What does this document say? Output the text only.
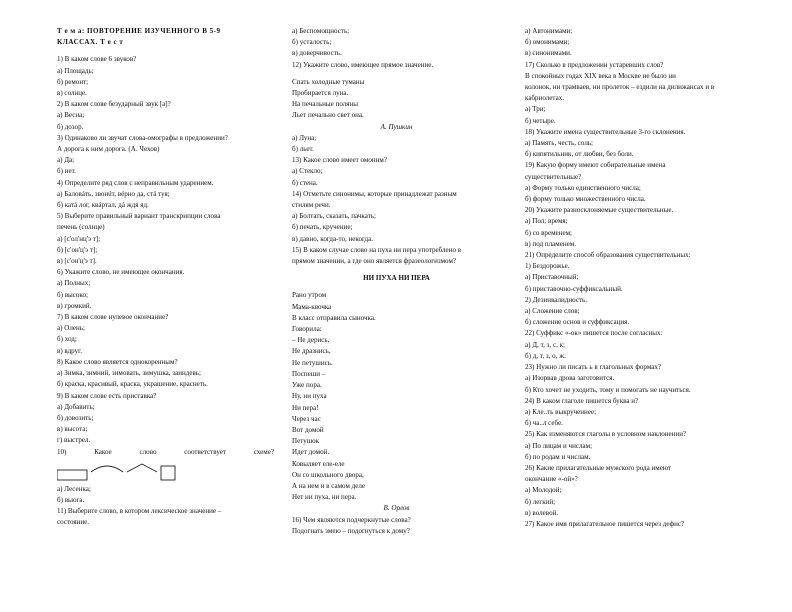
Т е м а: ПОВТОРЕНИЕ ИЗУЧЕННОГО В 5-9
КЛАССАХ. Т е с т
1) В каком слове 6 звуков?
а) Площадь;
б) ремонт;
в) солнце.
2) В каком слове безударный звук [а]?
а) Весна;
б) дозор.
3) Одинаково ли звучат слова-омографы в предложении?
А дорога к ним дорога. (А. Чехов)
а) Да;
б) нет.
4) Определите ряд слов с неправильным ударением.
а) Баловáть, звонúт, вéрно да, стá туя;
б) катá лог, квáртал, дá ждя яд.
5) Выберите правильный вариант транскрипции слова
печень (солнце)
а) [с'ол'нц'э т];
б) [с'он'ц'э т];
в) [с'он'ц'э т].
6) Укажите слово, не имеющее окончания.
а) Полных;
б) высоко;
в) громкий.
7) В каком слове нулевое окончание?
а) Олень;
б) ход;
в) вдруг.
8) Какое слово является однокоренным?
а) Зимка, зимний, зимовать, зимушка, заиндевь;
б) краска, красивый, краска, украшение, краснеть.
9) В каком слове есть приставка?
а) Добавить;
б) довозить;
в) высота;
г) выстрел.
10) Какое слово соответствует схеме?
а) Лесенка;
б) вьюга.
11) Выберите слово, в котором лексическое значение –
состояние.
а) Беспомощность;
б) усталость;
в) доверчивость.
12) Укажите слово, имеющее прямое значение.
Спать холодные туманы
Пробирается луна.
На печальные поляны
Льет печально свет она.
А. Пушкин
а) Луна;
б) льет.
13) Какое слово имеет омоним?
а) Стекло;
б) стена.
14) Отметьте синонимы, которые принадлежат разным
стилям речи.
а) Болтать, сказать, пачкать;
б) печать, кручение;
в) давно, когда-то, некогда.
15) В каком случае слово на пуха ни пера употреблено в
прямом значении, а где оно является фразеологизмом?
НИ ПУХА НИ ПЕРА
Рано утром
Мама-квочка
В класс отправила сыночка.
Говорила:
– Не дерись,
Не дразнись,
Не петушись.
Поспеши –
Уже пора.
Ну, ни пуха
Ни пера!
Через час
Вот домой
Петушок
Идет домой.
Ковыляет еле-еле
Он со школьного двора,
А на нем и в самом деле
Нет ни пуха, ни пера.
В. Орлов
16) Чем являются подчеркнутые слова?
Подогнать змею – подогнуться к дому?
а) Автонимами;
б) омонимами;
в) синонимами.
17) Сколько в предложении устаревших слов?
В спокойных годах XIX века в Москве не было ни
колонок, ни трамваев, ни пролеток – ездили на дилижансах и в
кабриолетах.
а) Три;
б) четыре.
18) Укажите имена существительные 3-го склонения.
а) Память, честь, соль;
б) кипятильник, от любви, без боли.
19) Какую форму имеют собирательные имена
существительные?
а) Форму только единственного числа;
б) форму только множественного числа.
20) Укажите разносклоняемые существительные.
а) Пол; время;
б) со временем;
в) под пламенем.
21) Определите способ образования существительных:
1) Бездорожье.
а) Приставочный;
б) приставочно-суффиксальный.
2) Дезинвалидность.
а) Сложение слов;
б) сложение основ и суффиксация.
22) Суффикс «-ок» пишется после согласных:
а) Д, т, з, с, к;
б) д, т, з, о, ж.
23) Нужно ли писать ь в глагольных формах?
а) Изорвав дрова заготовится.
б) Кто хочет не уходить, тому и помогать не научиться.
24) В каком глаголе пишется буква и?
а) Кле..ть выкрученнее;
б) ча..л себе.
25) Как изменяются глаголы в условном наклонении?
а) По лицам и числам;
б) по родам и числам.
26) Какие прилагательные мужского рода имеют
окончание «-ой»?
а) Молодой;
б) легкий;
в) волевой.
27) Какое имя прилагательное пишется через дефис?
